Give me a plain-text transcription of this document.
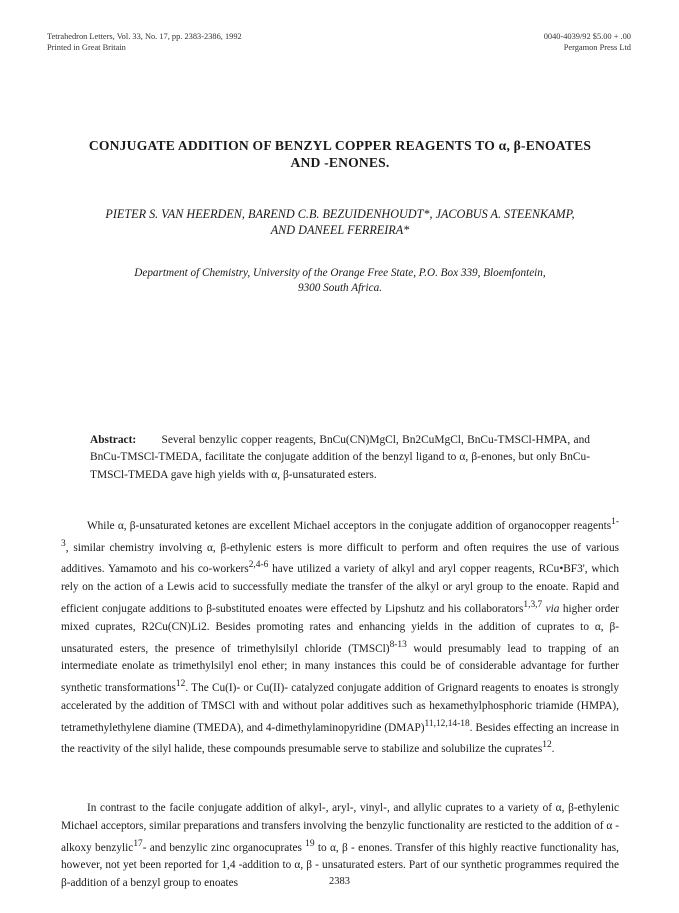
Tetrahedron Letters, Vol. 33, No. 17, pp. 2383-2386, 1992
Printed in Great Britain
0040-4039/92 $5.00 + .00
Pergamon Press Ltd
CONJUGATE ADDITION OF BENZYL COPPER REAGENTS TO α, β-ENOATES
AND -ENONES.
PIETER S. VAN HEERDEN, BAREND C.B. BEZUIDENHOUDT*, JACOBUS A. STEENKAMP,
AND DANEEL FERREIRA*
Department of Chemistry, University of the Orange Free State, P.O. Box 339, Bloemfontein,
9300 South Africa.
Abstract: Several benzylic copper reagents, BnCu(CN)MgCl, Bn2CuMgCl, BnCu-TMSCl-HMPA, and BnCu-TMSCl-TMEDA, facilitate the conjugate addition of the benzyl ligand to α, β-enones, but only BnCu-TMSCl-TMEDA gave high yields with α, β-unsaturated esters.

While α, β-unsaturated ketones are excellent Michael acceptors in the conjugate addition of organocopper reagents$^{1-3}$, similar chemistry involving α, β-ethylenic esters is more difficult to perform and often requires the use of various additives. Yamamoto and his co-workers$^{2,4-6}$ have utilized a variety of alkyl and aryl copper reagents, RCu•BF3', which rely on the action of a Lewis acid to successfully mediate the transfer of the alkyl or aryl group to the enoate. Rapid and efficient conjugate additions to β-substituted enoates were effected by Lipshutz and his collaborators$^{1,3,7}$ via higher order mixed cuprates, R2Cu(CN)Li2. Besides promoting rates and enhancing yields in the addition of cuprates to α, β-unsaturated esters, the presence of trimethylsilyl chloride (TMSCl)$^{8-13}$ would presumably lead to trapping of an intermediate enolate as trimethylsilyl enol ether; in many instances this could be of considerable advantage for further synthetic transformations$^{12}$. The Cu(I)- or Cu(II)- catalyzed conjugate addition of Grignard reagents to enoates is strongly accelerated by the addition of TMSCl with and without polar additives such as hexamethylphosphoric triamide (HMPA), tetramethylethylene diamine (TMEDA), and 4-dimethylaminopyridine (DMAP)$^{11,12,14-18}$. Besides effecting an increase in the reactivity of the silyl halide, these compounds presumable serve to stabilize and solubilize the cuprates$^{12}$.

In contrast to the facile conjugate addition of alkyl-, aryl-, vinyl-, and allylic cuprates to a variety of α, β-ethylenic Michael acceptors, similar preparations and transfers involving the benzylic functionality are resticted to the addition of α -alkoxy benzylic$^{17}$- and benzylic zinc organocuprates $^{19}$ to α, β - enones. Transfer of this highly reactive functionality has, however, not yet been reported for 1,4 -addition to α, β - unsaturated esters. Part of our synthetic programmes required the β-addition of a benzyl group to enoates	2383
